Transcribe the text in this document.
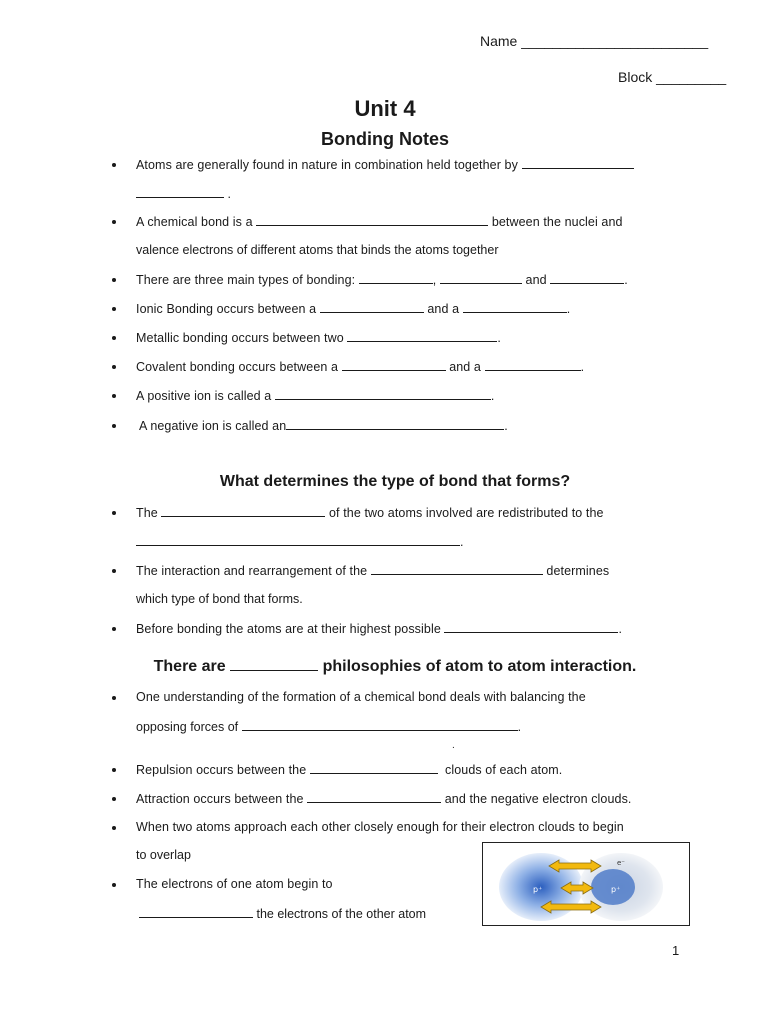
Name ________________________
Block _________
Unit 4
Bonding Notes
Atoms are generally found in nature in combination held together by
.
A chemical bond is a	between the nuclei and
valence electrons of different atoms that binds the atoms together
There are three main types of bonding:	,	and	.
Ionic Bonding occurs between a	and a	.
Metallic bonding occurs between two	.
Covalent bonding occurs between a	and a	.
A positive ion is called a	.
A negative ion is called an	.
What determines the type of bond that forms?
The	of the two atoms involved are redistributed to the
.
The interaction and rearrangement of the	determines
which type of bond that forms.
Before bonding the atoms are at their highest possible	.
There are	philosophies of atom to atom interaction.
One understanding of the formation of a chemical bond deals with balancing the
opposing forces of	.
.
Repulsion occurs between the	clouds of each atom.
Attraction occurs between the	and the negative electron clouds.
When two atoms approach each other closely enough for their electron clouds to begin
to overlap
The electrons of one atom begin to
the electrons of the other atom
p⁺	p⁺
e⁻
1
